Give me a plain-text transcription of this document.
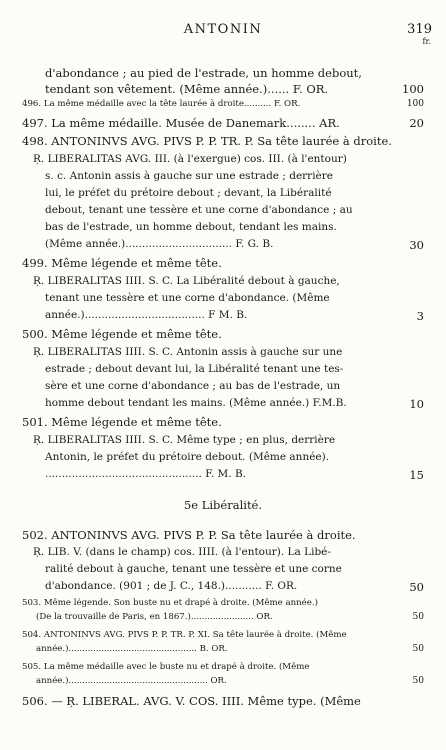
ANTONIN	319
fr.
d'abondance ; au pied de l'estrade, un homme debout,
tendant son vêtement. (Même année.)...... F. OR.	100
496. La même médaille avec la tête laurée à droite.......... F. OR.	100
497. La même médaille. Musée de Danemark........ AR.	20
498. ANTONINVS AVG. PIVS P. P. TR. P. Sa tête laurée à droite.
Ŗ. LIBERALITAS AVG. III. (à l'exergue) cos. III. (à l'entour)
s. c. Antonin assis à gauche sur une estrade ; derrière
lui, le préfet du prétoire debout ; devant, la Libéralité
debout, tenant une tessère et une corne d'abondance ; au
bas de l'estrade, un homme debout, tendant les mains.
(Même année.)................................ F. G. B.	30
499. Même légende et même tête.
Ŗ. LIBERALITAS IIII. S. C. La Libéralité debout à gauche,
tenant une tessère et une corne d'abondance. (Même
année.).................................... F M. B.	3
500. Même légende et même tête.
Ŗ. LIBERALITAS IIII. S. C. Antonin assis à gauche sur une
estrade ; debout devant lui, la Libéralité tenant une tes-
sère et une corne d'abondance ; au bas de l'estrade, un
homme debout tendant les mains. (Même année.) F.M.B.	10
501. Même légende et même tête.
Ŗ. LIBERALITAS IIII. S. C. Même type ; en plus, derrière
Antonin, le préfet du prétoire debout. (Même année).
............................................... F. M. B.	15
502. ANTONINVS AVG. PIVS P. P. Sa tête laurée à droite.
Ŗ. LIB. V. (dans le champ) cos. IIII. (à l'entour). La Libé-
ralité debout à gauche, tenant une tessère et une corne
d'abondance. (901 ; de J. C., 148.)........... F. OR.	50
503. Même légende. Son buste nu et drapé à droite. (Même année.)
(De la trouvaille de Paris, en 1867.)....................... OR.	50
504. ANTONINVS AVG. PIVS P. P. TR. P. XI. Sa tête laurée à droite. (Même
année.)............................................... B. OR.	50
505. La même médaille avec le buste nu et drapé à droite. (Même
année.)................................................... OR.	50
506. — Ŗ. LIBERAL. AVG. V. COS. IIII. Même type. (Même
5e Libéralité.
